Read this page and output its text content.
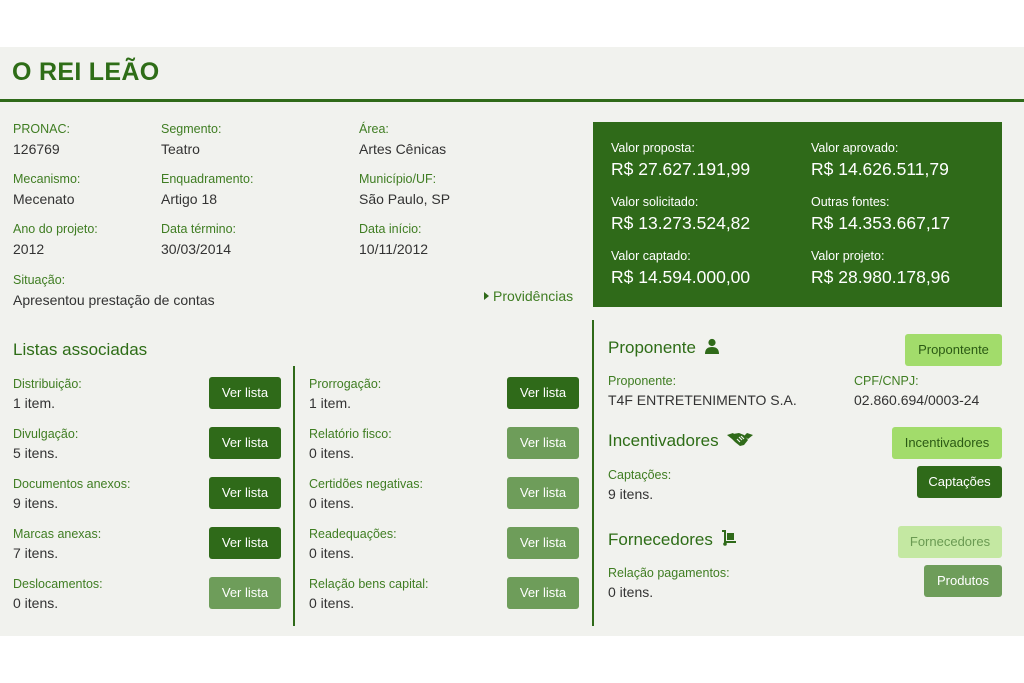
O REI LEÃO
PRONAC:
126769
Segmento:
Teatro
Área:
Artes Cênicas
Mecanismo:
Mecenato
Enquadramento:
Artigo 18
Município/UF:
São Paulo, SP
Ano do projeto:
2012
Data término:
30/03/2014
Data início:
10/11/2012
Situação:
Apresentou prestação de contas	Providências
Valor proposta:
R$ 27.627.191,99
Valor aprovado:
R$ 14.626.511,79
Valor solicitado:
R$ 13.273.524,82
Outras fontes:
R$ 14.353.667,17
Valor captado:
R$ 14.594.000,00
Valor projeto:
R$ 28.980.178,96
Listas associadas
Distribuição:
1 item.
Ver lista
Divulgação:
5 itens.
Ver lista
Documentos anexos:
9 itens.
Ver lista
Marcas anexas:
7 itens.
Ver lista
Deslocamentos:
0 itens.
Ver lista
Prorrogação:
1 item.
Ver lista
Relatório fisco:
0 itens.
Ver lista
Certidões negativas:
0 itens.
Ver lista
Readequações:
0 itens.
Ver lista
Relação bens capital:
0 itens.
Ver lista
Proponente	Propontente
Proponente:
T4F ENTRETENIMENTO S.A.
CPF/CNPJ:
02.860.694/0003-24
Incentivadores	Incentivadores
Captações:
9 itens.
Captações
Fornecedores	Fornecedores
Relação pagamentos:
0 itens.
Produtos
